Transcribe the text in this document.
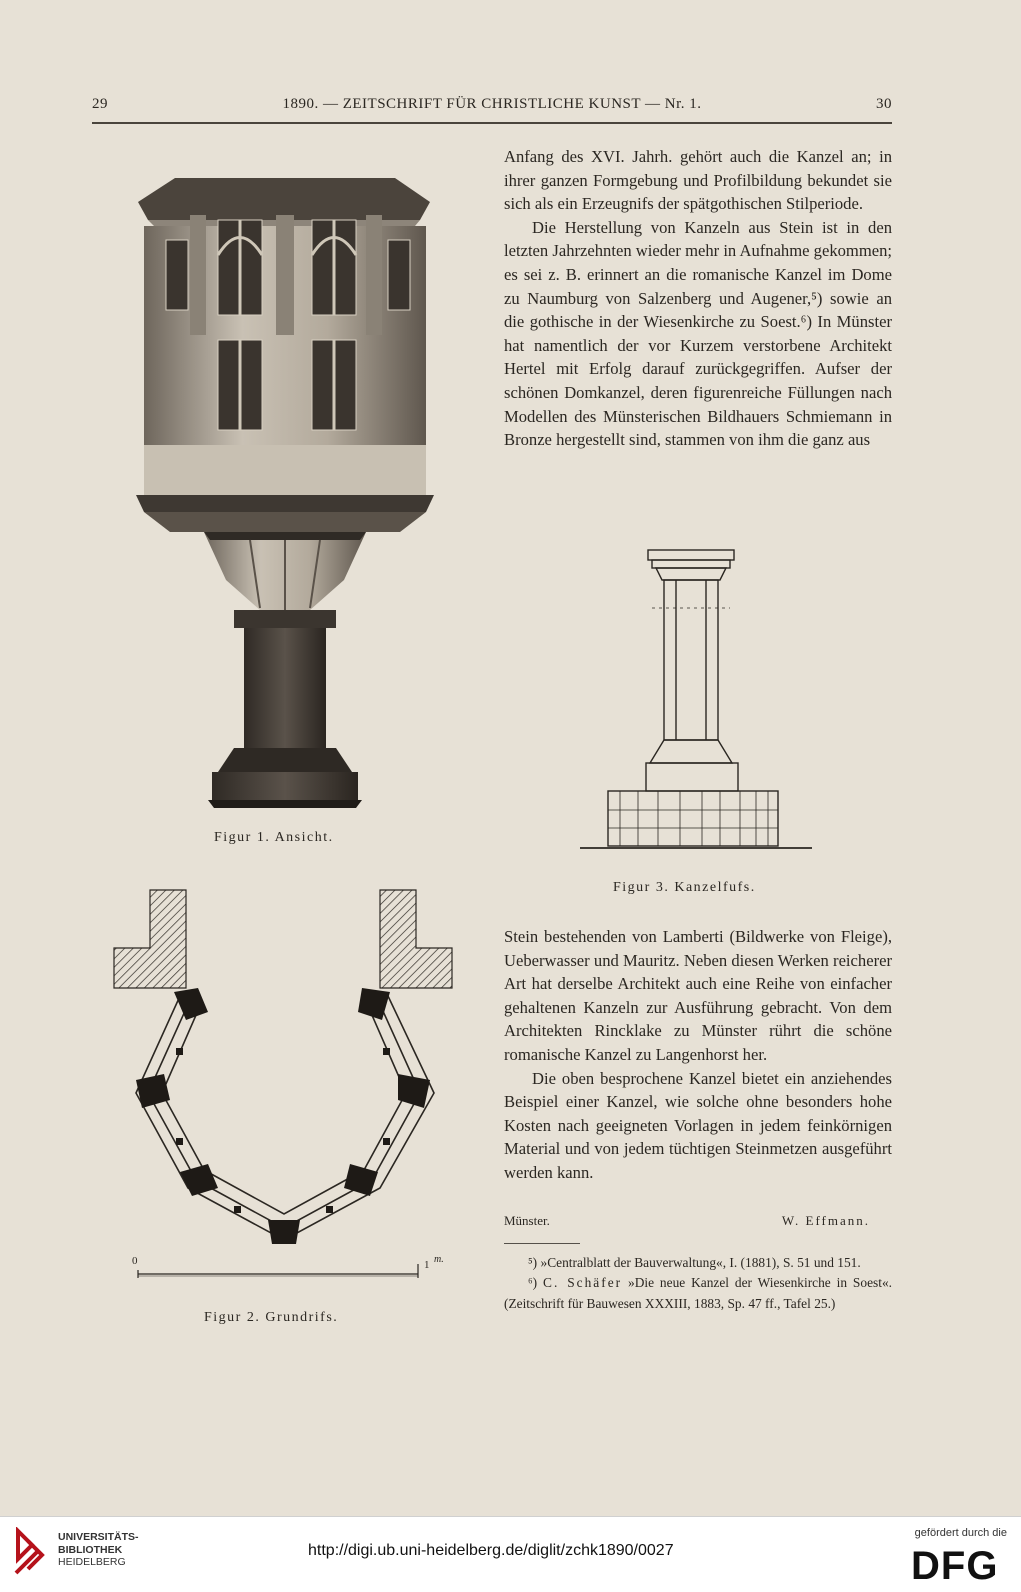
29	1890. — ZEITSCHRIFT FÜR CHRISTLICHE KUNST — Nr. 1.	30
Figur 1. Ansicht.

Anfang des XVI. Jahrh. gehört auch die Kanzel an; in ihrer ganzen Formgebung und Profilbildung bekundet sie sich als ein Erzeugnifs der spätgothischen Stilperiode.

Die Herstellung von Kanzeln aus Stein ist in den letzten Jahrzehnten wieder mehr in Aufnahme gekommen; es sei z. B. erinnert an die romanische Kanzel im Dome zu Naumburg von Salzenberg und Augener,⁵) sowie an die gothische in der Wiesenkirche zu Soest.⁶) In Münster hat namentlich der vor Kurzem verstorbene Architekt Hertel mit Erfolg darauf zurückgegriffen. Aufser der schönen Domkanzel, deren figurenreiche Füllungen nach Modellen des Münsterischen Bildhauers Schmiemann in Bronze hergestellt sind, stammen von ihm die ganz aus

Figur 3. Kanzelfufs.
0	1 m.
Figur 2. Grundrifs.

Stein bestehenden von Lamberti (Bildwerke von Fleige), Ueberwasser und Mauritz. Neben diesen Werken reicherer Art hat derselbe Architekt auch eine Reihe von einfacher gehaltenen Kanzeln zur Ausführung gebracht. Von dem Architekten Rincklake zu Münster rührt die schöne romanische Kanzel zu Langenhorst her.

Die oben besprochene Kanzel bietet ein anziehendes Beispiel einer Kanzel, wie solche ohne besonders hohe Kosten nach geeigneten Vorlagen in jedem feinkörnigen Material und von jedem tüchtigen Steinmetzen ausgeführt werden kann.

Münster.	W. Effmann.

⁵) »Centralblatt der Bauverwaltung«, I. (1881), S. 51 und 151.

⁶) C. Schäfer »Die neue Kanzel der Wiesenkirche in Soest«. (Zeitschrift für Bauwesen XXXIII, 1883, Sp. 47 ff., Tafel 25.)

UNIVERSITÄTS-
BIBLIOTHEK
HEIDELBERG
http://digi.ub.uni-heidelberg.de/diglit/zchk1890/0027
gefördert durch die
DFG
